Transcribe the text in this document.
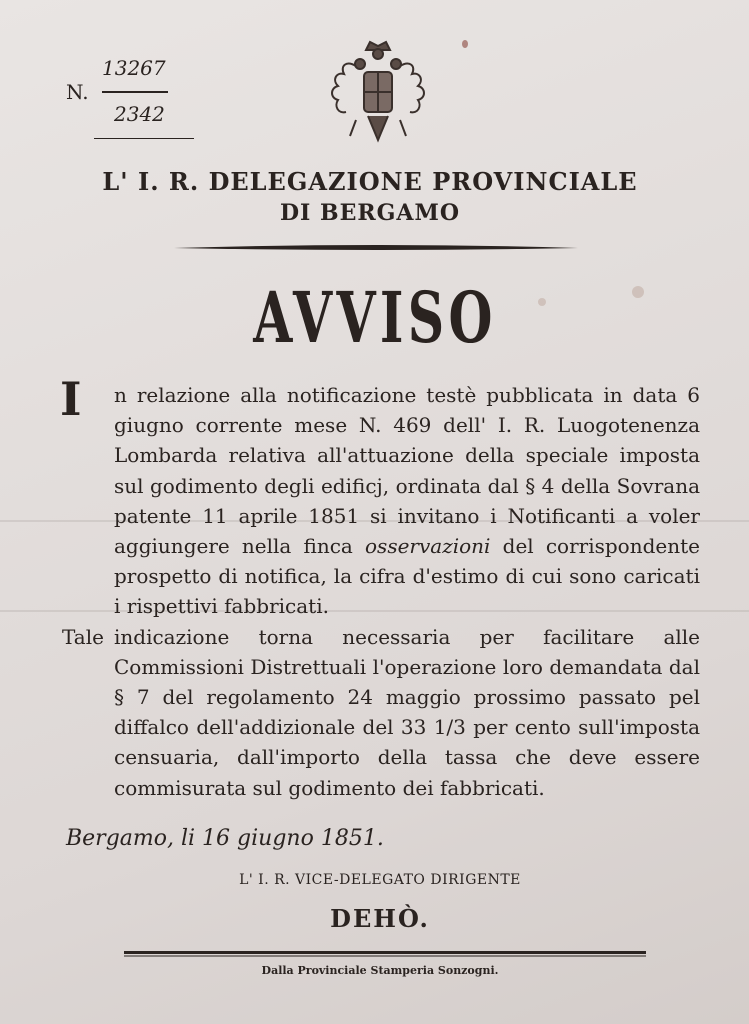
N.
13267
2342
L' I. R. DELEGAZIONE PROVINCIALE
DI BERGAMO
AVVISO

I n relazione alla notificazione testè pubblicata in data 6 giugno corrente mese N. 469 dell' I. R. Luogotenenza Lombarda relativa all'attuazione della speciale imposta sul godimento degli edificj, ordinata dal § 4 della Sovrana patente 11 aprile 1851 si invitano i Notificanti a voler aggiungere nella finca osservazioni del corrispondente prospetto di notifica, la cifra d'estimo di cui sono caricati i rispettivi fabbricati.

Tale indicazione torna necessaria per facilitare alle Commissioni Distrettuali l'operazione loro demandata dal § 7 del regolamento 24 maggio prossimo passato pel diffalco dell'addizionale del 33 1/3 per cento sull'imposta censuaria, dall'importo della tassa che deve essere commisurata sul godimento dei fabbricati.

Bergamo, li 16 giugno 1851.
L' I. R. VICE-DELEGATO DIRIGENTE
DEHÒ.
Dalla Provinciale Stamperia Sonzogni.
